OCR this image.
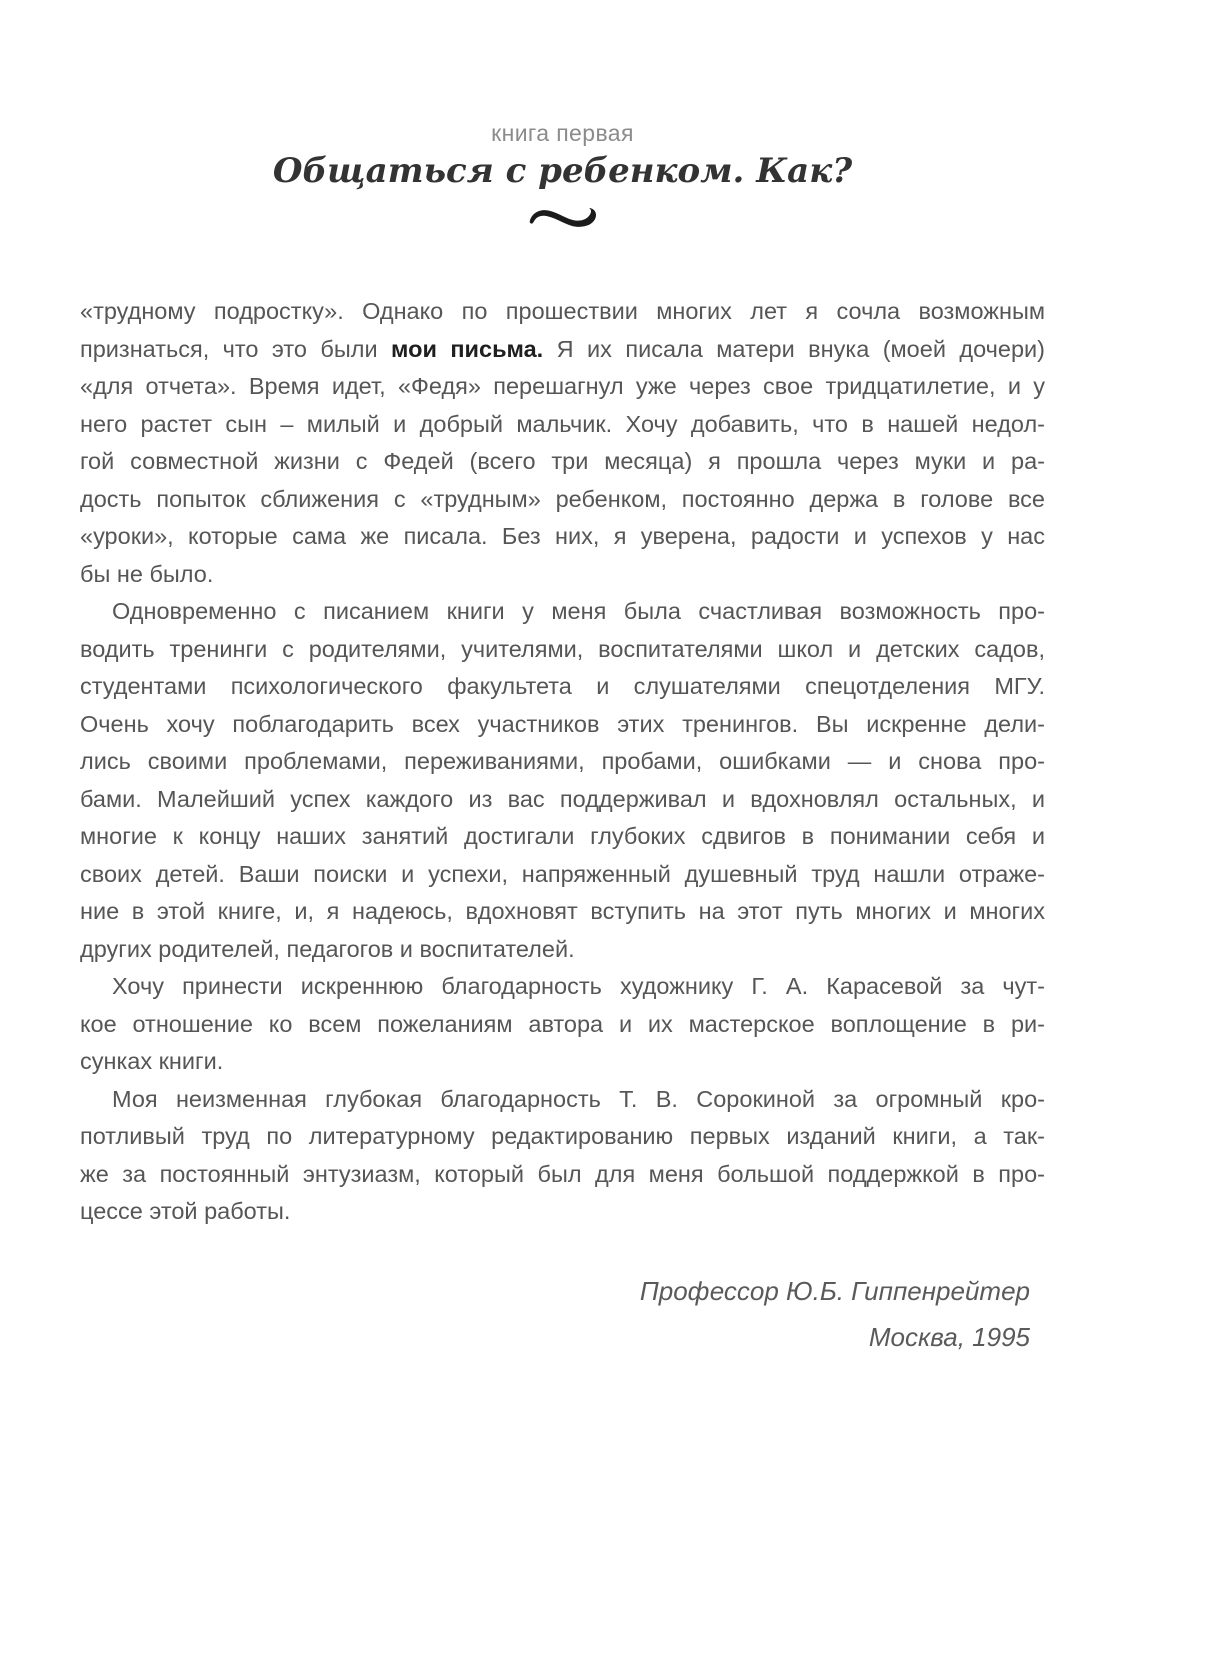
книга первая
Общаться с ребенком. Как?
«трудному подростку». Однако по прошествии многих лет я сочла возможным
признаться, что это были мои письма. Я их писала матери внука (моей дочери)
«для отчета». Время идет, «Федя» перешагнул уже через свое тридцатилетие, и у
него растет сын – милый и добрый мальчик. Хочу добавить, что в нашей недол-
гой совместной жизни с Федей (всего три месяца) я прошла через муки и ра-
дость попыток сближения с «трудным» ребенком, постоянно держа в голове все
«уроки», которые сама же писала. Без них, я уверена, радости и успехов у нас
бы не было.
Одновременно с писанием книги у меня была счастливая возможность про-
водить тренинги с родителями, учителями, воспитателями школ и детских садов,
студентами психологического факультета и слушателями спецотделения МГУ.
Очень хочу поблагодарить всех участников этих тренингов. Вы искренне дели-
лись своими проблемами, переживаниями, пробами, ошибками — и снова про-
бами. Малейший успех каждого из вас поддерживал и вдохновлял остальных, и
многие к концу наших занятий достигали глубоких сдвигов в понимании себя и
своих детей. Ваши поиски и успехи, напряженный душевный труд нашли отраже-
ние в этой книге, и, я надеюсь, вдохновят вступить на этот путь многих и многих
других родителей, педагогов и воспитателей.
Хочу принести искреннюю благодарность художнику Г. А. Карасевой за чут-
кое отношение ко всем пожеланиям автора и их мастерское воплощение в ри-
сунках книги.
Моя неизменная глубокая благодарность Т. В. Сорокиной за огромный кро-
потливый труд по литературному редактированию первых изданий книги, а так-
же за постоянный энтузиазм, который был для меня большой поддержкой в про-
цессе этой работы.
Профессор Ю.Б. Гиппенрейтер
Москва, 1995
